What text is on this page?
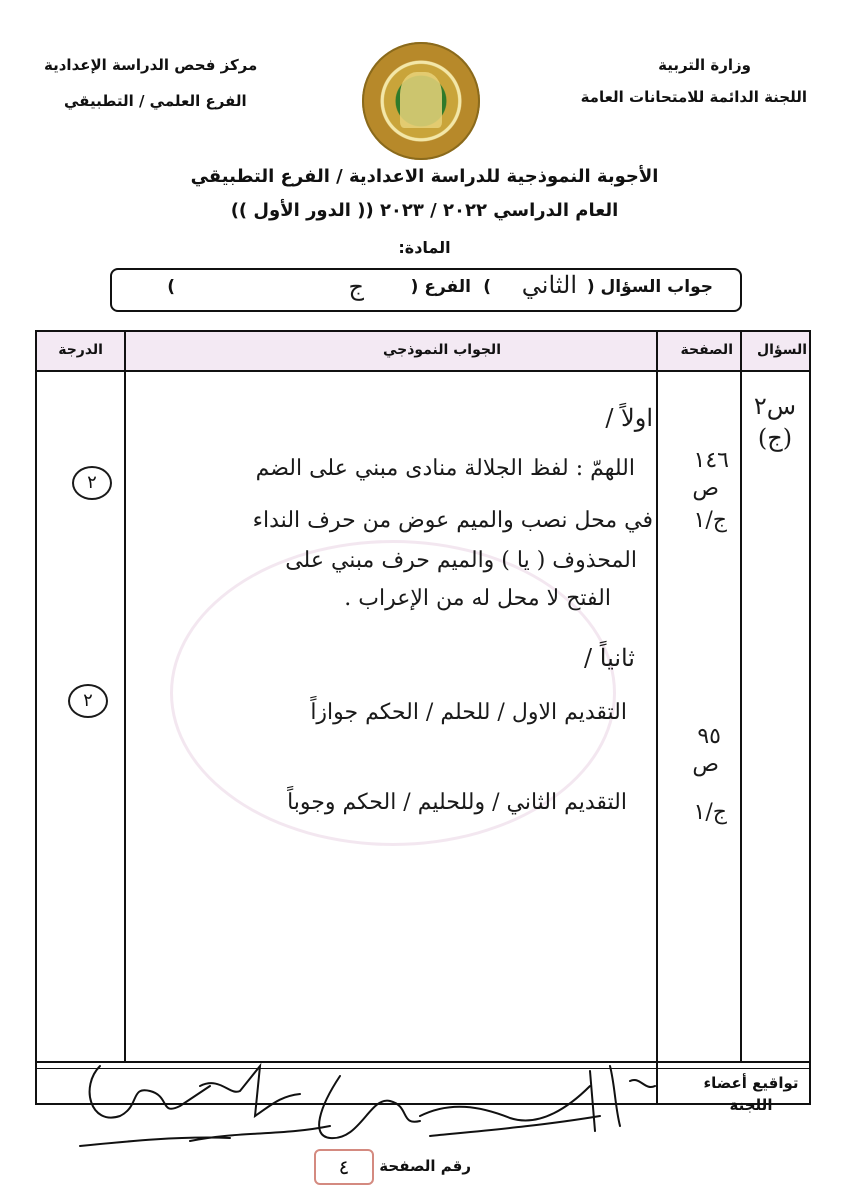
وزارة التربية
اللجنة الدائمة للامتحانات العامة
مركز فحص الدراسة الإعدادية
الفرع العلمي / التطبيقي
الأجوبة النموذجية للدراسة الاعدادية / الفرع التطبيقي
العام الدراسي ٢٠٢٢ / ٢٠٢٣ (( الدور الأول ))
المادة:
جواب السؤال (
الثاني
)
الفرع (
ج
)
السؤال
الصفحة
الجواب النموذجي
الدرجة
س٢ (ج)
اولاً /
اللهمّ : لفظ الجلالة منادى مبني على الضم
في محل نصب والميم عوض من حرف النداء
المحذوف ( يا ) والميم حرف مبني على
الفتح لا محل له من الإعراب .
١٤٦
ص
ج/١
٢
ثانياً /
التقديم الاول / للحلم / الحكم جوازاً
التقديم الثاني / وللحليم / الحكم وجوباً
٩٥
ص
ج/١
٢
تواقيع أعضاء
اللجنة
رقم الصفحة
٤
